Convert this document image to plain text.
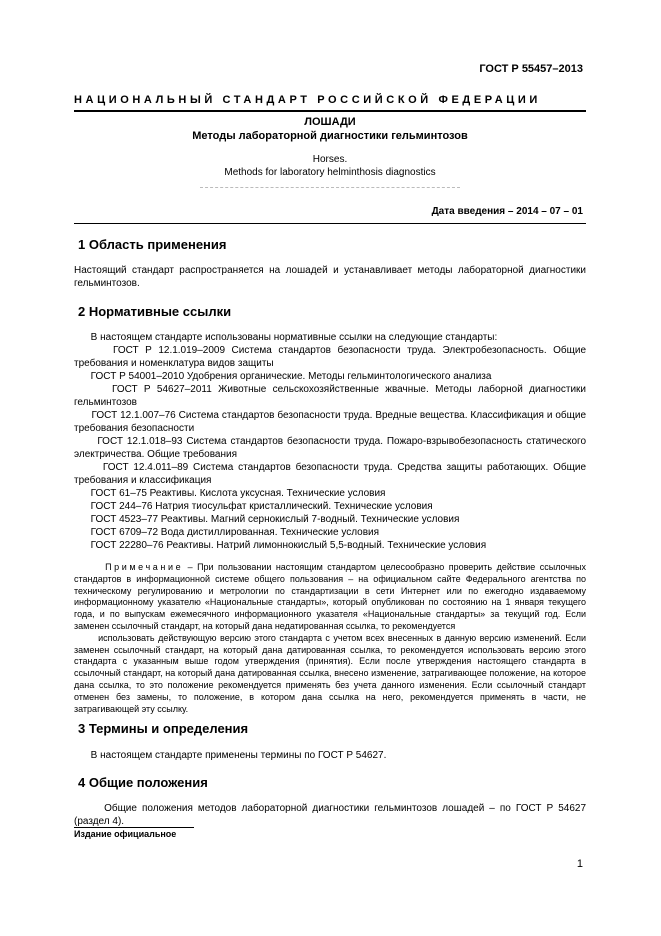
ГОСТ Р 55457–2013
НАЦИОНАЛЬНЫЙ СТАНДАРТ РОССИЙСКОЙ ФЕДЕРАЦИИ
ЛОШАДИ
Методы лабораторной диагностики гельминтозов
Horses.
Methods for laboratory helminthosis diagnostics
Дата введения – 2014 – 07 – 01
1 Область применения
Настоящий стандарт распространяется на лошадей и устанавливает методы лабораторной диагностики гельминтозов.
2 Нормативные ссылки
В настоящем стандарте использованы нормативные ссылки на следующие стандарты:
ГОСТ Р 12.1.019–2009 Система стандартов безопасности труда. Электробезопасность. Общие требования и номенклатура видов защиты
ГОСТ Р 54001–2010 Удобрения органические. Методы гельминтологического анализа
ГОСТ Р 54627–2011 Животные сельскохозяйственные жвачные. Методы лаборной диагностики гельминтозов
ГОСТ 12.1.007–76 Система стандартов безопасности труда. Вредные вещества. Классификация и общие требования безопасности
ГОСТ 12.1.018–93 Система стандартов безопасности труда. Пожаро-взрывобезопасность статического электричества. Общие требования
ГОСТ 12.4.011–89 Система стандартов безопасности труда. Средства защиты работающих. Общие требования и классификация
ГОСТ 61–75 Реактивы. Кислота уксусная. Технические условия
ГОСТ 244–76 Натрия тиосульфат кристаллический. Технические условия
ГОСТ 4523–77 Реактивы. Магний сернокислый 7-водный. Технические условия
ГОСТ 6709–72 Вода дистиллированная. Технические условия
ГОСТ 22280–76 Реактивы. Натрий лимоннокислый 5,5-водный. Технические условия

Примечание – При пользовании настоящим стандартом целесообразно проверить действие ссылочных стандартов в информационной системе общего пользования – на официальном сайте Федерального агентства по техническому регулированию и метрологии по стандартизации в сети Интернет или по ежегодно издаваемому информационному указателю «Национальные стандарты», который опубликован по состоянию на 1 января текущего года, и по выпускам ежемесячного информационного указателя «Национальные стандарты» за текущий год. Если заменен ссылочный стандарт, на который дана недатированная ссылка, то рекомендуется

использовать действующую версию этого стандарта с учетом всех внесенных в данную версию изменений. Если заменен ссылочный стандарт, на который дана датированная ссылка, то рекомендуется использовать версию этого стандарта с указанным выше годом утверждения (принятия). Если после утверждения настоящего стандарта в ссылочный стандарт, на который дана датированная ссылка, внесено изменение, затрагивающее положение, на которое дана ссылка, то это положение рекомендуется применять без учета данного изменения. Если ссылочный стандарт отменен без замены, то положение, в котором дана ссылка на него, рекомендуется применять в части, не затрагивающей эту ссылку.

3 Термины и определения
В настоящем стандарте применены термины по ГОСТ Р 54627.
4 Общие положения
Общие положения методов лабораторной диагностики гельминтозов лошадей – по ГОСТ Р 54627 (раздел 4).
Издание официальное
1
